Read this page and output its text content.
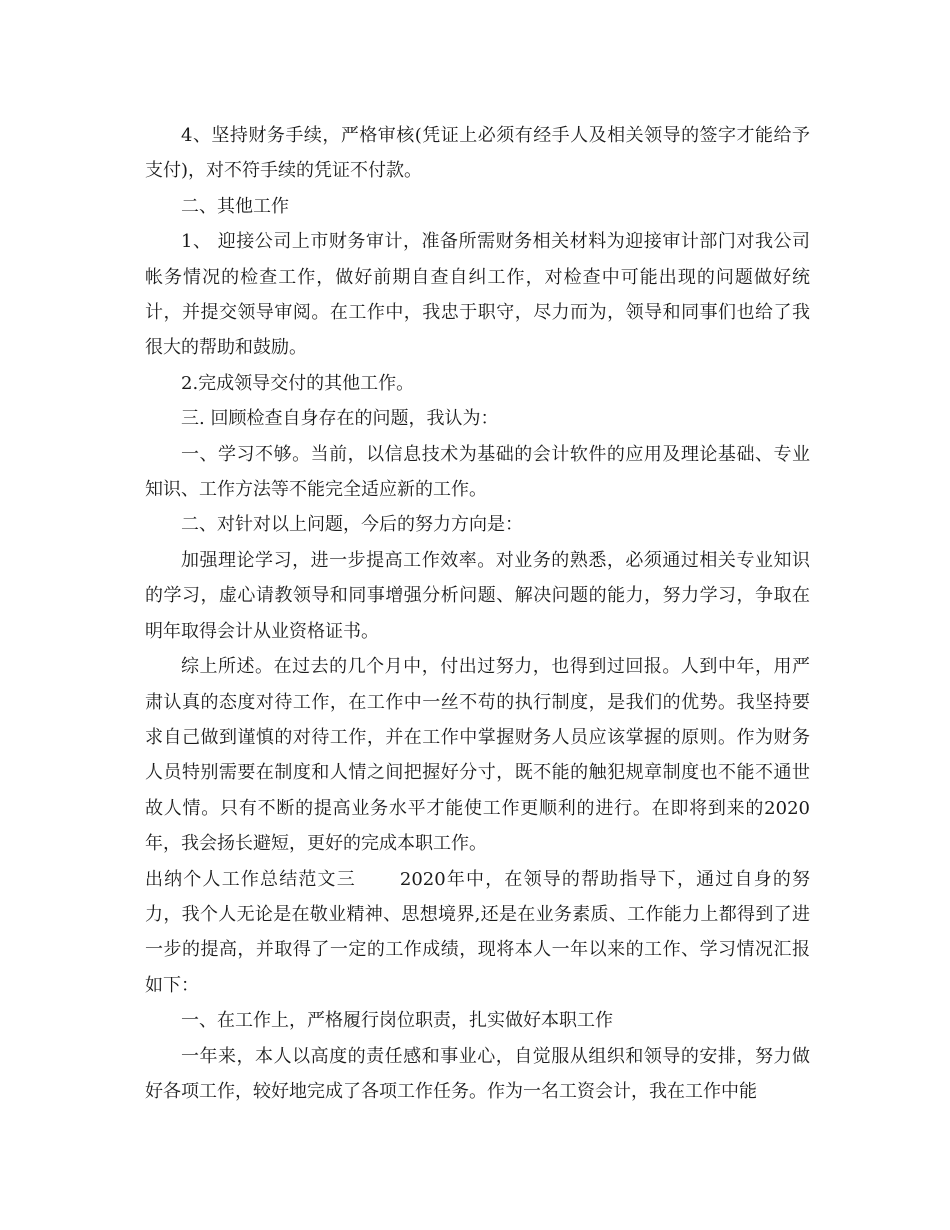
4、坚持财务手续，严格审核(凭证上必须有经手人及相关领导的签字才能给予支付)，对不符手续的凭证不付款。

二、其他工作

1、 迎接公司上市财务审计，准备所需财务相关材料为迎接审计部门对我公司帐务情况的检查工作，做好前期自查自纠工作，对检查中可能出现的问题做好统计，并提交领导审阅。在工作中，我忠于职守，尽力而为，领导和同事们也给了我很大的帮助和鼓励。

2.完成领导交付的其他工作。

三. 回顾检查自身存在的问题，我认为：

一、学习不够。当前，以信息技术为基础的会计软件的应用及理论基础、专业知识、工作方法等不能完全适应新的工作。

二、对针对以上问题，今后的努力方向是：

加强理论学习，进一步提高工作效率。对业务的熟悉，必须通过相关专业知识的学习，虚心请教领导和同事增强分析问题、解决问题的能力，努力学习，争取在明年取得会计从业资格证书。

综上所述。在过去的几个月中，付出过努力，也得到过回报。人到中年，用严肃认真的态度对待工作，在工作中一丝不苟的执行制度，是我们的优势。我坚持要求自己做到谨慎的对待工作，并在工作中掌握财务人员应该掌握的原则。作为财务人员特别需要在制度和人情之间把握好分寸，既不能的触犯规章制度也不能不通世故人情。只有不断的提高业务水平才能使工作更顺利的进行。在即将到来的2020年，我会扬长避短，更好的完成本职工作。

出纳个人工作总结范文三 2020年中，在领导的帮助指导下，通过自身的努力，我个人无论是在敬业精神、思想境界,还是在业务素质、工作能力上都得到了进一步的提高，并取得了一定的工作成绩，现将本人一年以来的工作、学习情况汇报如下：

一、在工作上，严格履行岗位职责，扎实做好本职工作

一年来，本人以高度的责任感和事业心，自觉服从组织和领导的安排，努力做好各项工作，较好地完成了各项工作任务。作为一名工资会计，我在工作中能
